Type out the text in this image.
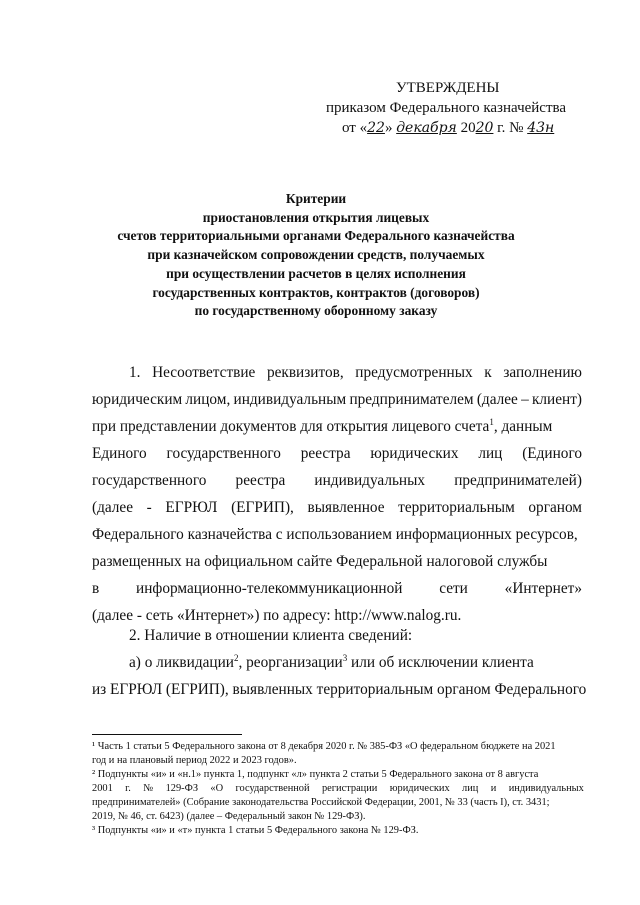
УТВЕРЖДЕНЫ
приказом Федерального казначейства
от «22» декабря 2020 г. № 43н
Критерии
приостановления открытия лицевых
счетов территориальными органами Федерального казначейства
при казначейском сопровождении средств, получаемых
при осуществлении расчетов в целях исполнения
государственных контрактов, контрактов (договоров)
по государственному оборонному заказу
1. Несоответствие реквизитов, предусмотренных к заполнению
юридическим лицом, индивидуальным предпринимателем (далее – клиент)
при представлении документов для открытия лицевого счета$^1$, данным
Единого государственного реестра юридических лиц (Единого
государственного реестра индивидуальных предпринимателей)
(далее - ЕГРЮЛ (ЕГРИП), выявленное территориальным органом
Федерального казначейства с использованием информационных ресурсов,
размещенных на официальном сайте Федеральной налоговой службы
в информационно-телекоммуникационной сети «Интернет»
(далее - сеть «Интернет») по адресу: http://www.nalog.ru.
2. Наличие в отношении клиента сведений:
а) о ликвидации$^2$, реорганизации$^3$ или об исключении клиента
из ЕГРЮЛ (ЕГРИП), выявленных территориальным органом Федерального
¹ Часть 1 статьи 5 Федерального закона от 8 декабря 2020 г. № 385-ФЗ «О федеральном бюджете на 2021
год и на плановый период 2022 и 2023 годов».
² Подпункты «и» и «н.1» пункта 1, подпункт «л» пункта 2 статьи 5 Федерального закона от 8 августа
2001 г. № 129-ФЗ «О государственной регистрации юридических лиц и индивидуальных
предпринимателей» (Собрание законодательства Российской Федерации, 2001, № 33 (часть I), ст. 3431;
2019, № 46, ст. 6423) (далее – Федеральный закон № 129-ФЗ).
³ Подпункты «и» и «т» пункта 1 статьи 5 Федерального закона № 129-ФЗ.
